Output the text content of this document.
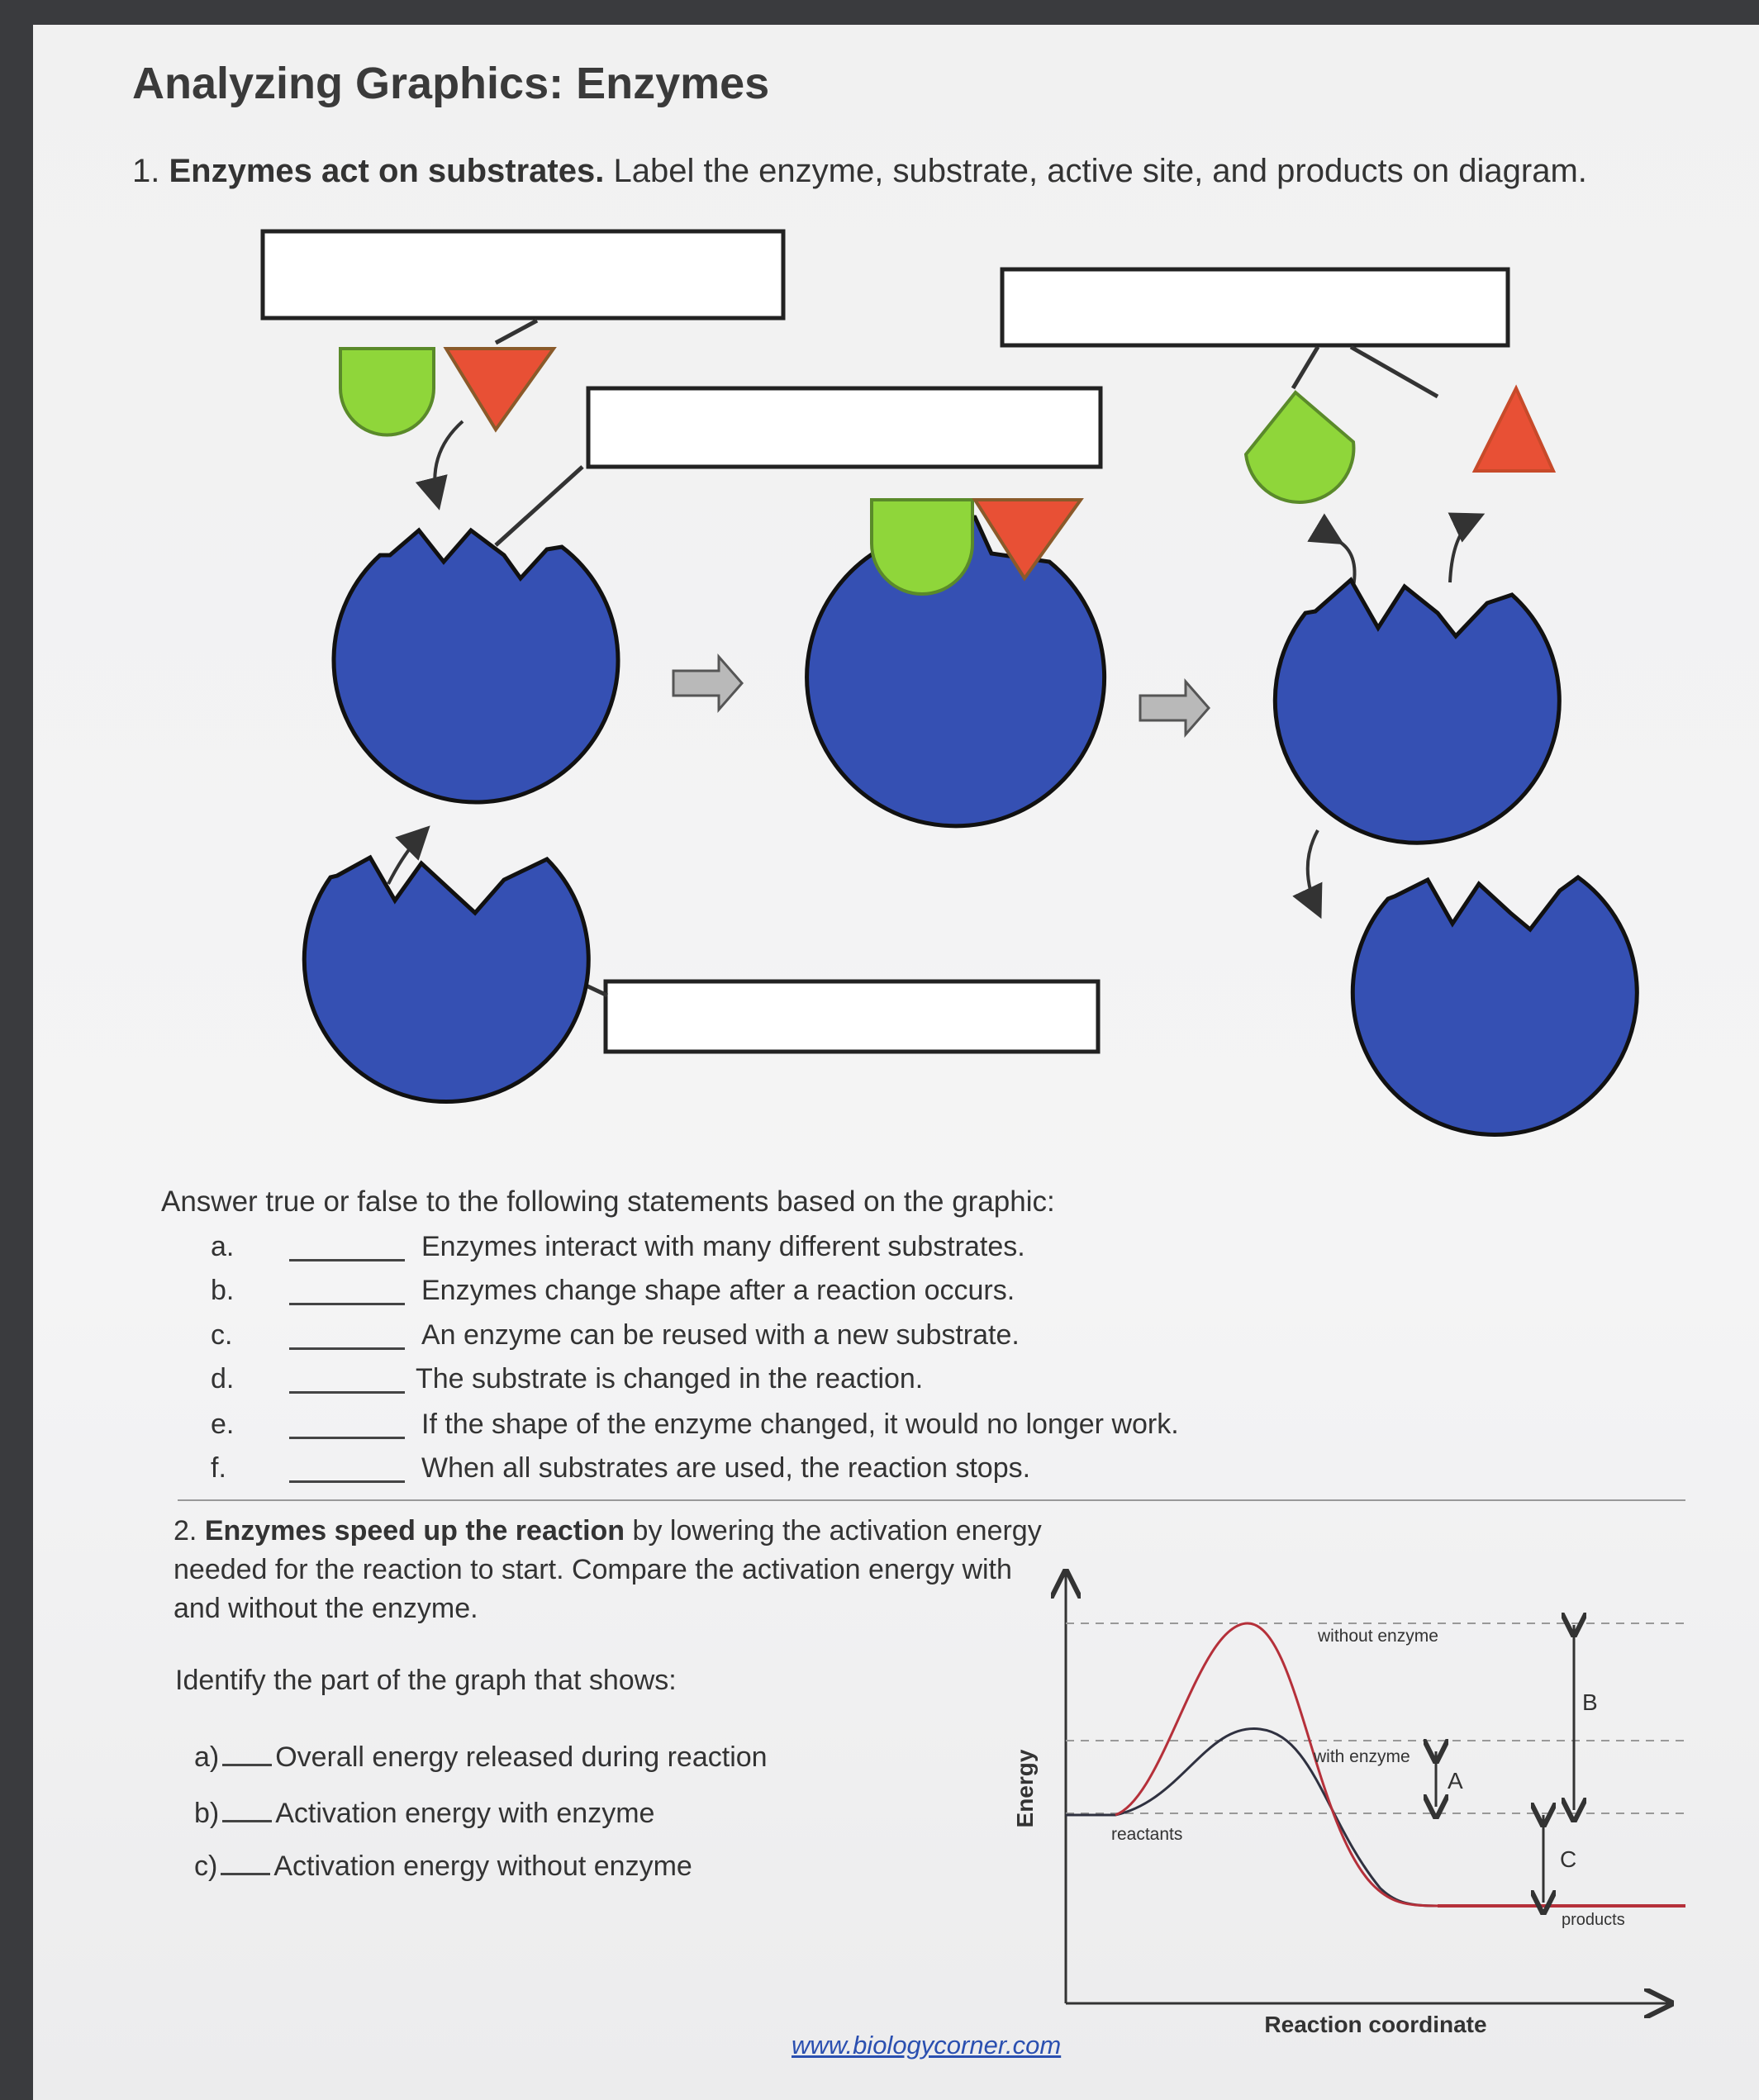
Analyzing Graphics: Enzymes
1. Enzymes act on substrates. Label the enzyme, substrate, active site, and products on diagram.
Answer true or false to the following statements based on the graphic:
a.	Enzymes interact with many different substrates.
b.	Enzymes change shape after a reaction occurs.
c.	An enzyme can be reused with a new substrate.
d.	The substrate is changed in the reaction.
e.	If the shape of the enzyme changed, it would no longer work.
f.	When all substrates are used, the reaction stops.
2. Enzymes speed up the reaction by lowering the activation energy needed for the reaction to start. Compare the activation energy with and without the enzyme.
Identify the part of the graph that shows:
a) Overall energy released during reaction
b) Activation energy with enzyme
c) Activation energy without enzyme
Energy
Reaction coordinate
without enzyme
with enzyme
reactants
products
A
B
C
www.biologycorner.com
